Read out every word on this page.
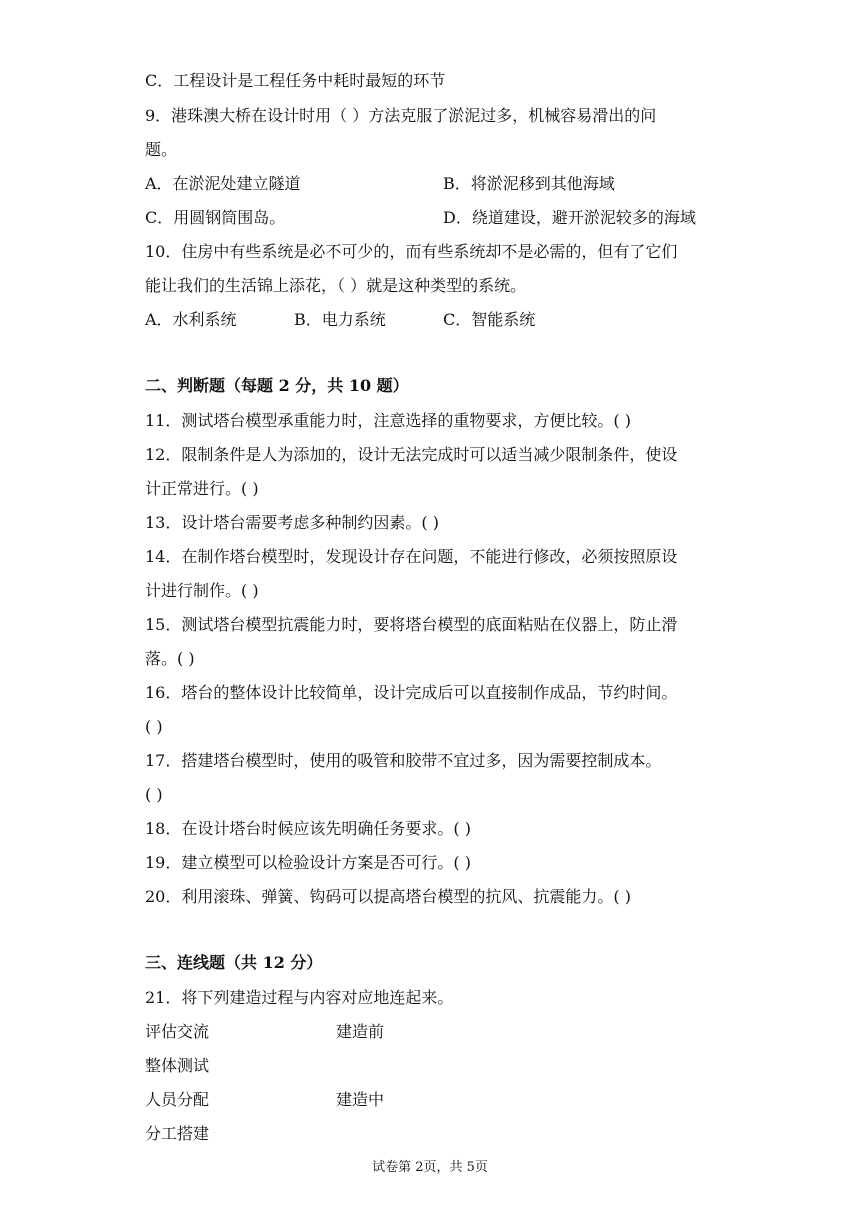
C．工程设计是工程任务中耗时最短的环节
9．港珠澳大桥在设计时用（ ）方法克服了淤泥过多，机械容易滑出的问
题。
A．在淤泥处建立隧道	B．将淤泥移到其他海域
C．用圆钢筒围岛。	D．绕道建设，避开淤泥较多的海域
10．住房中有些系统是必不可少的，而有些系统却不是必需的，但有了它们
能让我们的生活锦上添花，（ ）就是这种类型的系统。
A．水利系统	B．电力系统	C．智能系统
二、判断题（每题 2 分，共 10 题）
11．测试塔台模型承重能力时，注意选择的重物要求，方便比较。( )
12．限制条件是人为添加的，设计无法完成时可以适当减少限制条件，使设
计正常进行。( )
13．设计塔台需要考虑多种制约因素。( )
14．在制作塔台模型时，发现设计存在问题，不能进行修改，必须按照原设
计进行制作。( )
15．测试塔台模型抗震能力时，要将塔台模型的底面粘贴在仪器上，防止滑
落。( )
16．塔台的整体设计比较简单，设计完成后可以直接制作成品，节约时间。
( )
17．搭建塔台模型时，使用的吸管和胶带不宜过多，因为需要控制成本。
( )
18．在设计塔台时候应该先明确任务要求。( )
19．建立模型可以检验设计方案是否可行。( )
20．利用滚珠、弹簧、钩码可以提高塔台模型的抗风、抗震能力。( )
三、连线题（共 12 分）
21．将下列建造过程与内容对应地连起来。
评估交流	建造前
整体测试
人员分配	建造中
分工搭建
试卷第 2页，共 5页
